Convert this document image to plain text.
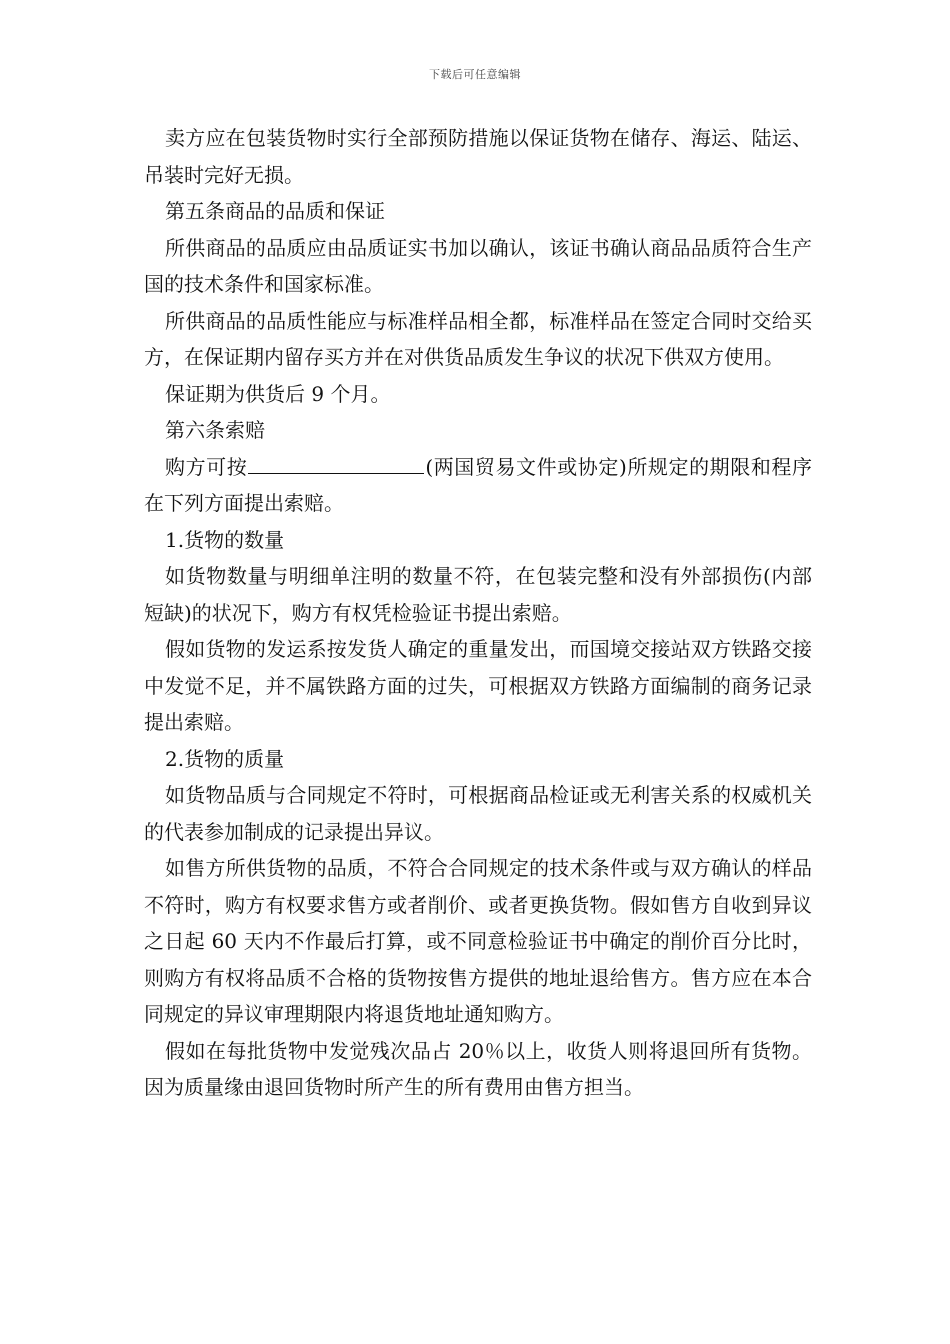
下载后可任意编辑

卖方应在包装货物时实行全部预防措施以保证货物在储存、海运、陆运、吊装时完好无损。

第五条商品的品质和保证

所供商品的品质应由品质证实书加以确认，该证书确认商品品质符合生产国的技术条件和国家标准。

所供商品的品质性能应与标准样品相全都，标准样品在签定合同时交给买方，在保证期内留存买方并在对供货品质发生争议的状况下供双方使用。

保证期为供货后 9 个月。

第六条索赔

购方可按	(两国贸易文件或协定)所规定的期限和程序在下列方面提出索赔。

1.货物的数量

如货物数量与明细单注明的数量不符，在包装完整和没有外部损伤(内部短缺)的状况下，购方有权凭检验证书提出索赔。

假如货物的发运系按发货人确定的重量发出，而国境交接站双方铁路交接中发觉不足，并不属铁路方面的过失，可根据双方铁路方面编制的商务记录提出索赔。

2.货物的质量

如货物品质与合同规定不符时，可根据商品检证或无利害关系的权威机关的代表参加制成的记录提出异议。

如售方所供货物的品质，不符合合同规定的技术条件或与双方确认的样品不符时，购方有权要求售方或者削价、或者更换货物。假如售方自收到异议之日起 60 天内不作最后打算，或不同意检验证书中确定的削价百分比时，则购方有权将品质不合格的货物按售方提供的地址退给售方。售方应在本合同规定的异议审理期限内将退货地址通知购方。

假如在每批货物中发觉残次品占 20％以上，收货人则将退回所有货物。因为质量缘由退回货物时所产生的所有费用由售方担当。
